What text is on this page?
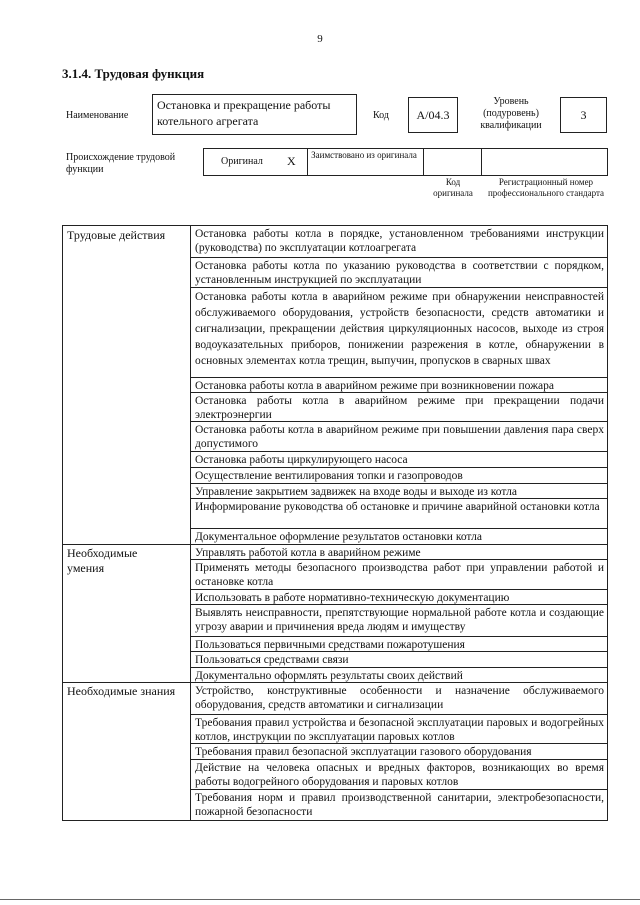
9
3.1.4. Трудовая функция
Наименование
Остановка и прекращение работы котельного агрегата	Код	А/04.3
Уровень (подуровень) квалификации
3
Происхождение трудовой функции
Оригинал X Заимствовано из оригинала
Код оригинала
Регистрационный номер профессионального стандарта
Трудовые действия
Необходимые умения
Необходимые знания
Остановка работы котла в порядке, установленном требованиями инструкции (руководства) по эксплуатации котлоагрегата
Остановка работы котла по указанию руководства в соответствии с порядком, установленным инструкцией по эксплуатации
Остановка работы котла в аварийном режиме при обнаружении неисправностей обслуживаемого оборудования, устройств безопасности, средств автоматики и сигнализации, прекращении действия циркуляционных насосов, выходе из строя водоуказательных приборов, понижении разрежения в котле, обнаружении в основных элементах котла трещин, выпучин, пропусков в сварных швах
Остановка работы котла в аварийном режиме при возникновении пожара
Остановка работы котла в аварийном режиме при прекращении подачи электроэнергии
Остановка работы котла в аварийном режиме при повышении давления пара сверх допустимого
Остановка работы циркулирующего насоса
Осуществление вентилирования топки и газопроводов
Управление закрытием задвижек на входе воды и выходе из котла
Информирование руководства об остановке и причине аварийной остановки котла
Документальное оформление результатов остановки котла
Управлять работой котла в аварийном режиме
Применять методы безопасного производства работ при управлении работой и остановке котла
Использовать в работе нормативно-техническую документацию
Выявлять неисправности, препятствующие нормальной работе котла и создающие угрозу аварии и причинения вреда людям и имуществу
Пользоваться первичными средствами пожаротушения
Пользоваться средствами связи
Документально оформлять результаты своих действий
Устройство, конструктивные особенности и назначение обслуживаемого оборудования, средств автоматики и сигнализации
Требования правил устройства и безопасной эксплуатации паровых и водогрейных котлов, инструкции по эксплуатации паровых котлов
Требования правил безопасной эксплуатации газового оборудования
Действие на человека опасных и вредных факторов, возникающих во время работы водогрейного оборудования и паровых котлов
Требования норм и правил производственной санитарии, электробезопасности, пожарной безопасности
